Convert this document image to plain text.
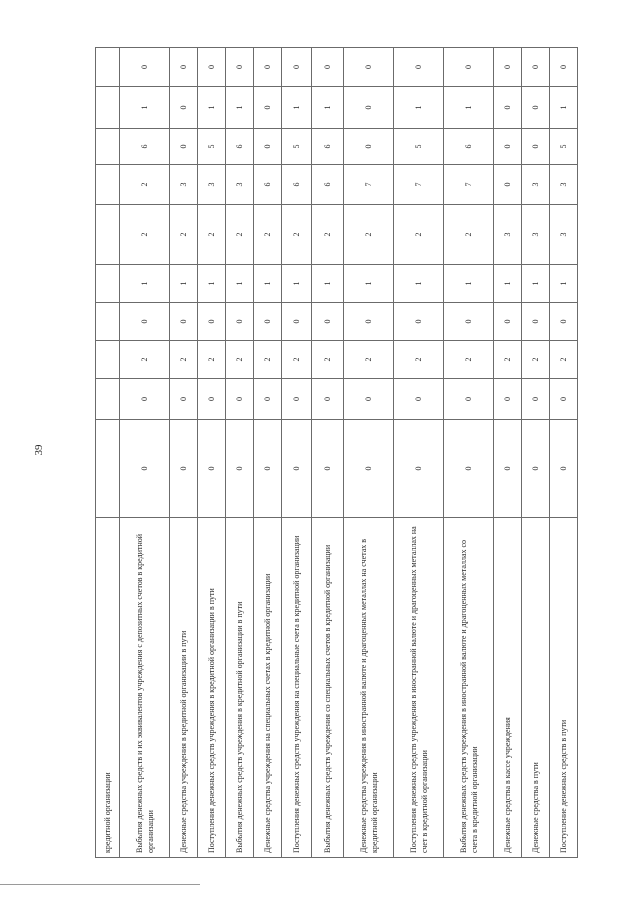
39
кредитной организации										
Выбытия денежных средств и их эквивалентов учреждения с депозитных счетов в кредитной организации	0	0	2	0	1	2	2	6	1	0
Денежные средства учреждения в кредитной организации в пути	0	0	2	0	1	2	3	0	0	0
Поступления денежных средств учреждения в кредитной организации в пути	0	0	2	0	1	2	3	5	1	0
Выбытия денежных средств учреждения в кредитной организации в пути	0	0	2	0	1	2	3	6	1	0
Денежные средства учреждения на специальных счетах в кредитной организации	0	0	2	0	1	2	6	0	0	0
Поступления денежных средств учреждения на специальные счета в кредитной организации	0	0	2	0	1	2	6	5	1	0
Выбытия денежных средств учреждения со специальных счетов в кредитной организации	0	0	2	0	1	2	6	6	1	0
Денежные средства учреждения в иностранной валюте и драгоценных металлах на счетах в кредитной организации	0	0	2	0	1	2	7	0	0	0
Поступления денежных средств учреждения в иностранной валюте и драгоценных металлах на счет в кредитной организации	0	0	2	0	1	2	7	5	1	0
Выбытия денежных средств учреждения в иностранной валюте и драгоценных металлах со счета в кредитной организации	0	0	2	0	1	2	7	6	1	0
Денежные средства в кассе учреждения	0	0	2	0	1	3	0	0	0	0
Денежные средства в пути	0	0	2	0	1	3	3	0	0	0
Поступление денежных средств в пути	0	0	2	0	1	3	3	5	1	0
